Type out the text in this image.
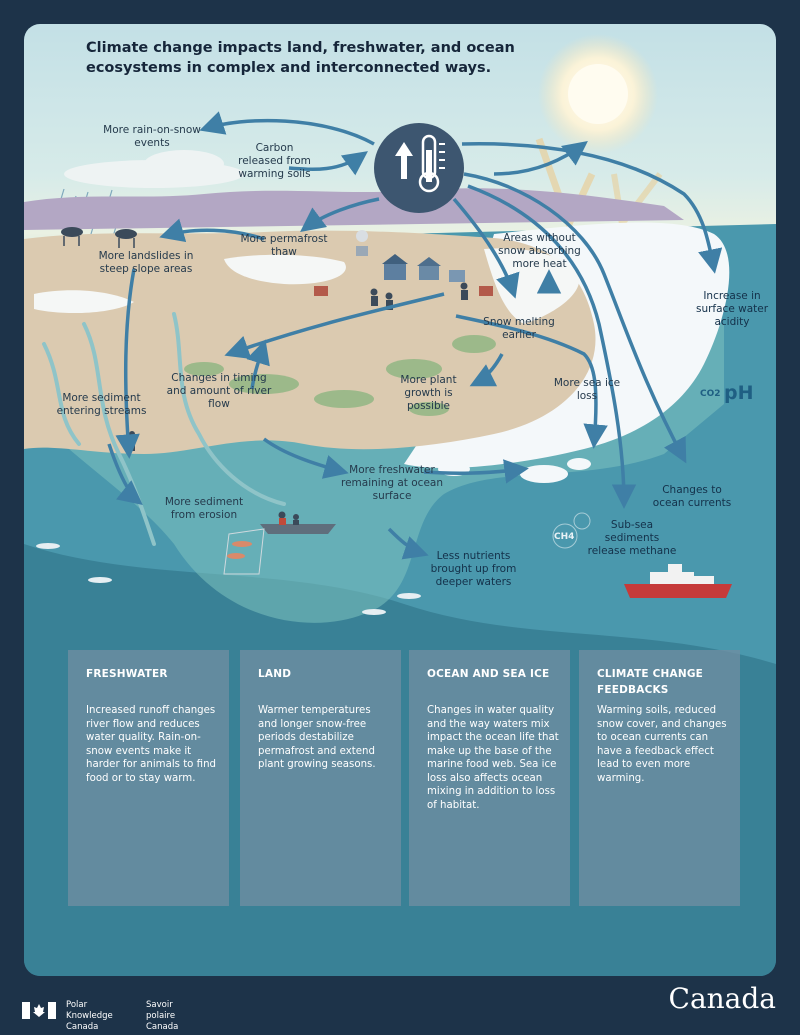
Climate change impacts land, freshwater, and ocean ecosystems in complex and interconnected ways.
More rain-on-snow events	Carbon released from warming soils
More landslides in steep slope areas
More permafrost thaw
Areas without snow absorbing more heat
Increase in surface water acidity
Snow melting earlier
More plant growth is possible
More sea ice loss
Changes in timing and amount of river flow
More sediment entering streams
More freshwater remaining at ocean surface	Changes to ocean currents
More sediment from erosion
Sub-sea sediments release methane
Less nutrients brought up from deeper waters
pH
CO2
CH4
FRESHWATER

Increased runoff changes river flow and reduces water quality. Rain-on-snow events make it harder for animals to find food or to stay warm.

LAND

Warmer temperatures and longer snow-free periods destabilize permafrost and extend plant growing seasons.

OCEAN AND SEA ICE

Changes in water quality and the way waters mix impact the ocean life that make up the base of the marine food web. Sea ice loss also affects ocean mixing in addition to loss of habitat.

CLIMATE CHANGE FEEDBACKS

Warming soils, reduced snow cover, and changes to ocean currents can have a feedback effect lead to even more warming.

Polar Knowledge
Canada
Savoir polaire
Canada
Canada
